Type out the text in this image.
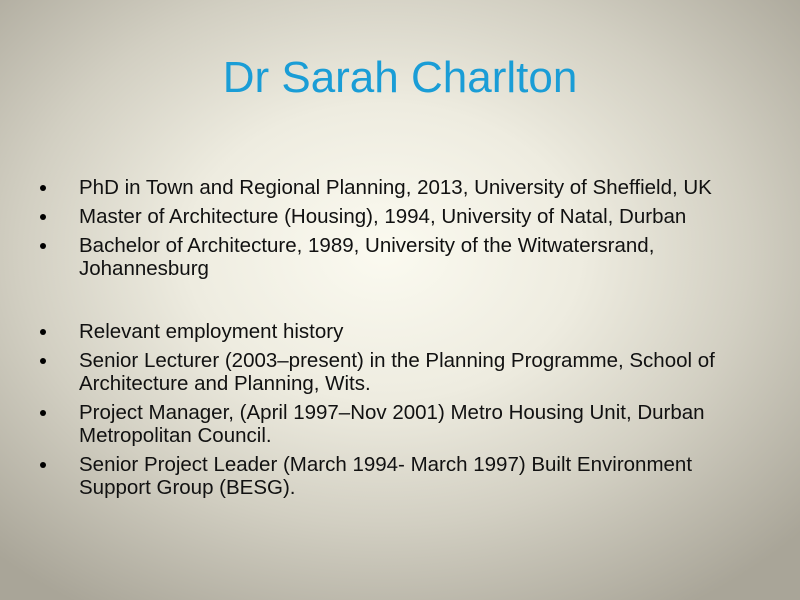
Dr Sarah Charlton
PhD in Town and Regional Planning, 2013, University of Sheffield, UK
Master of Architecture (Housing), 1994, University of Natal, Durban
Bachelor of Architecture, 1989, University of the Witwatersrand, Johannesburg
Relevant employment history
Senior Lecturer (2003–present) in the Planning Programme, School of Architecture and Planning, Wits.
Project Manager, (April 1997–Nov 2001) Metro Housing Unit, Durban Metropolitan Council.
Senior Project Leader (March 1994- March 1997) Built Environment Support Group (BESG).
